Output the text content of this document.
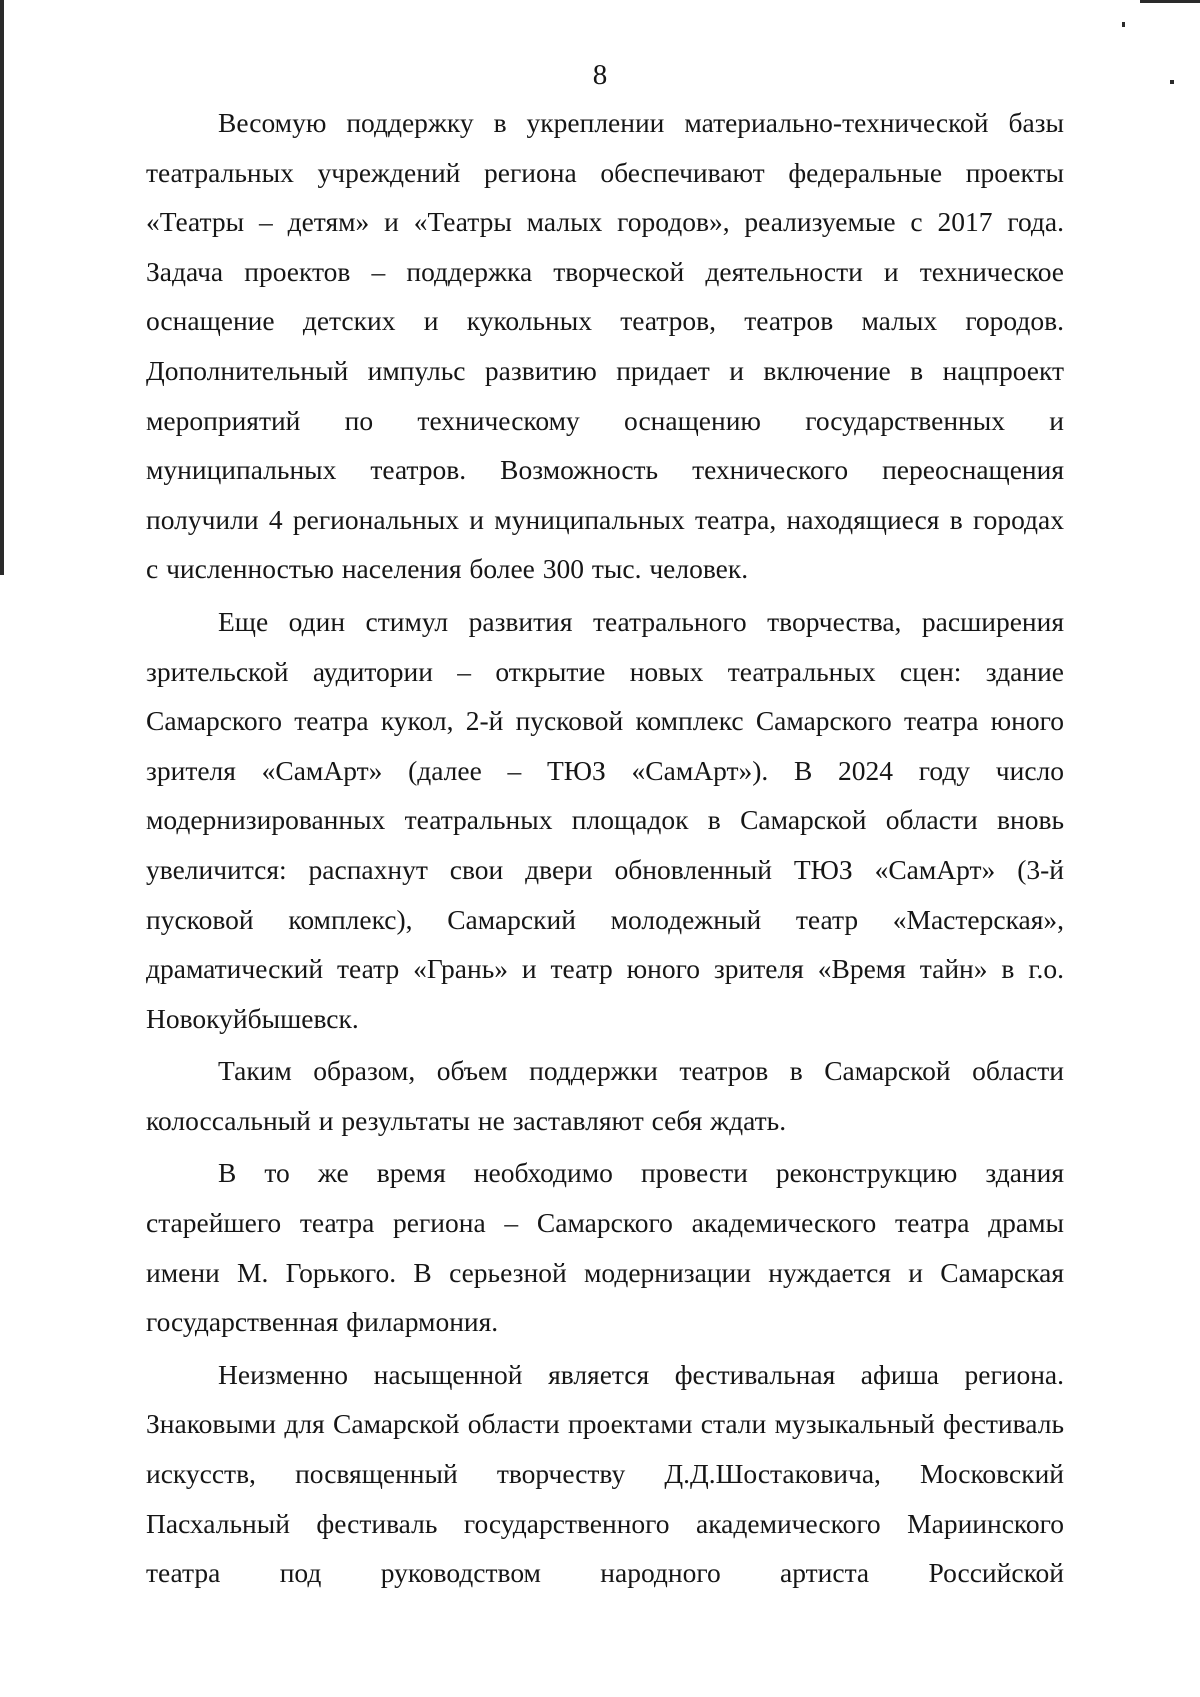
8

Весомую поддержку в укреплении материально-технической базы театральных учреждений региона обеспечивают федеральные проекты «Театры – детям» и «Театры малых городов», реализуемые с 2017 года. Задача проектов – поддержка творческой деятельности и техническое оснащение детских и кукольных театров, театров малых городов. Дополнительный импульс развитию придает и включение в нацпроект мероприятий по техническому оснащению государственных и муниципальных театров. Возможность технического переоснащения получили 4 региональных и муниципальных театра, находящиеся в городах с численностью населения более 300 тыс. человек.

Еще один стимул развития театрального творчества, расширения зрительской аудитории – открытие новых театральных сцен: здание Самарского театра кукол, 2-й пусковой комплекс Самарского театра юного зрителя «СамАрт» (далее – ТЮЗ «СамАрт»). В 2024 году число модернизированных театральных площадок в Самарской области вновь увеличится: распахнут свои двери обновленный ТЮЗ «СамАрт» (3-й пусковой комплекс), Самарский молодежный театр «Мастерская», драматический театр «Грань» и театр юного зрителя «Время тайн» в г.о. Новокуйбышевск.

Таким образом, объем поддержки театров в Самарской области колоссальный и результаты не заставляют себя ждать.

В то же время необходимо провести реконструкцию здания старейшего театра региона – Самарского академического театра драмы имени М. Горького. В серьезной модернизации нуждается и Самарская государственная филармония.

Неизменно насыщенной является фестивальная афиша региона. Знаковыми для Самарской области проектами стали музыкальный фестиваль искусств, посвященный творчеству Д.Д.Шостаковича, Московский Пасхальный фестиваль государственного академического Мариинского театра под руководством народного артиста Российской
